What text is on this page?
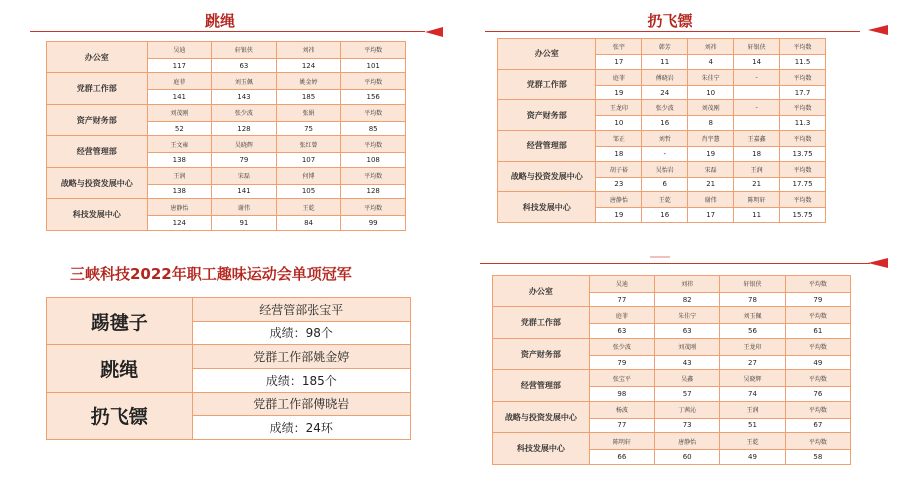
跳绳
办公室	吴迪	轩银侠	刘祎	平均数
	117	63	124	101
党群工作部	庭菲	刘玉佩	姚金婷	平均数
	141	143	185	156
资产财务部	刘茂刚	张少波	张娟	平均数
	52	128	75	85
经营管理部	王文雍	吴晓辉	张红曾	平均数
	138	79	107	108
战略与投资发展中心	王润	宋磊	何博	平均数
	138	141	105	128
科技发展中心	唐静怡	谢伟	王乾	平均数
	124	91	84	99
扔飞镖
办公室	张宇	韩芳	刘祎	轩银侠	平均数
	17	11	4	14	11.5
党群工作部	庭菲	傅晓岩	朱佳宁	-	平均数
	19	24	10		17.7
资产财务部	王龙印	张少波	刘茂刚	-	平均数
	10	16	8		11.3
经营管理部	邹正	刘哲	肖宇慧	王嘉鑫	平均数
	18	-	19	18	13.75
战略与投资发展中心	胡子裕	吴怡岩	宋磊	王润	平均数
	23	6	21	21	17.75
科技发展中心	唐静怡	王乾	谢伟	陈明轩	平均数
	19	16	17	11	15.75
三峡科技2022年职工趣味运动会单项冠军
踢毽子	经营管部张宝平
	成绩：98个
跳绳	党群工作部姚金婷
	成绩：185个
扔飞镖	党群工作部傅晓岩
	成绩：24环
办公室	吴迪	刘祎	轩银侠	平均数
	77	82	78	79
党群工作部	庭菲	朱佳宁	刘玉佩	平均数
	63	63	56	61
资产财务部	张少波	刘茂刚	王龙印	平均数
	79	43	27	49
经营管理部	张宝平	吴鑫	吴晓辉	平均数
	98	57	74	76
战略与投资发展中心	杨波	丁茜沁	王润	平均数
	77	73	51	67
科技发展中心	陈明轩	唐静怡	王乾	平均数
	66	60	49	58
